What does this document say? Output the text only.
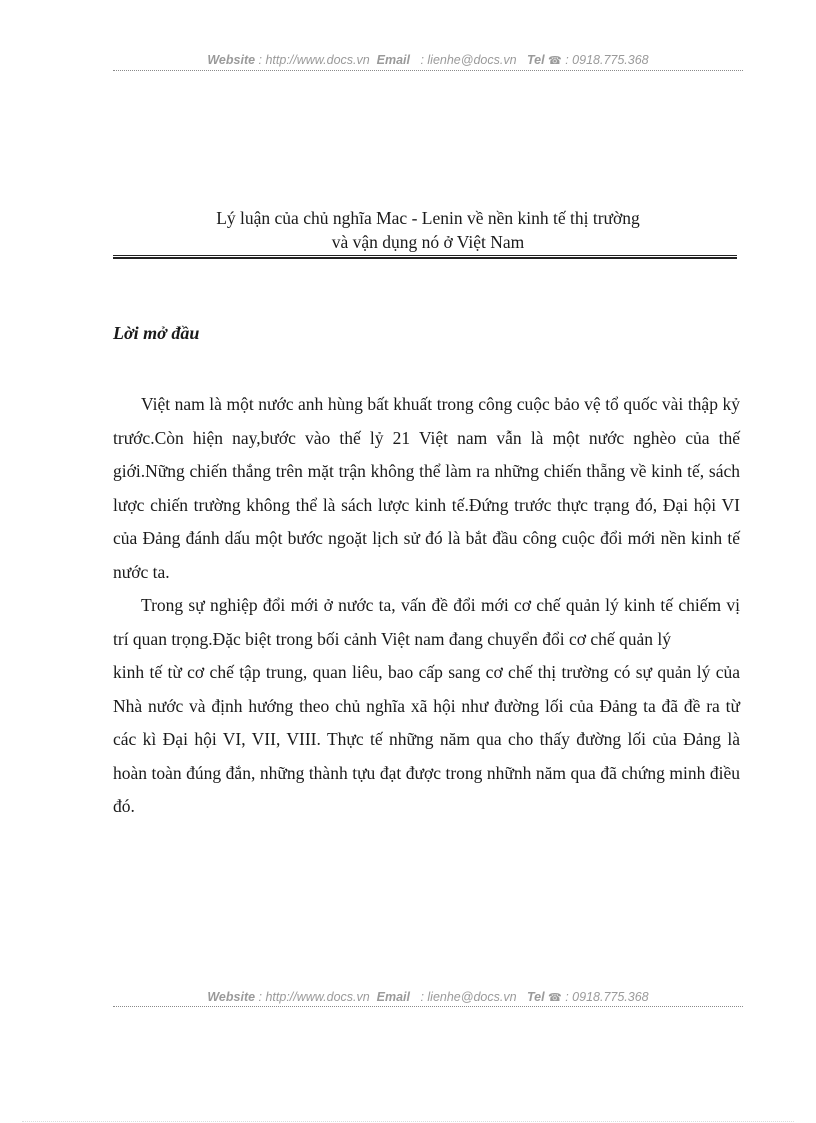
Website : http://www.docs.vn Email   : lienhe@docs.vn Tel ☎ : 0918.775.368
Lý luận của chủ nghĩa Mac - Lenin về nền kinh tế thị trường
và vận dụng nó ở Việt Nam
Lời mở đầu

Việt nam là một nước anh hùng bất khuất trong công cuộc bảo vệ tổ quốc vài thập kỷ trước.Còn hiện nay,bước vào thế lỷ 21 Việt nam vẫn là một nước nghèo của thế giới.Nững chiến thắng trên mặt trận không thể làm ra những chiến thẵng về kinh tế, sách lược chiến trường không thể là sách lược kinh tế.Đứng trước thực trạng đó, Đại hội VI của Đảng đánh dấu một bước ngoặt lịch sử đó là bắt đầu công cuộc đổi mới nền kinh tế nước ta.

Trong sự nghiệp đổi mới ở nước ta, vấn đề đổi mới cơ chế quản lý kinh tế chiếm vị trí quan trọng.Đặc biệt trong bối cảnh Việt nam đang chuyển đổi cơ chế quản lý

kinh tế từ cơ chế tập trung, quan liêu, bao cấp sang cơ chế thị trường có sự quản lý của Nhà nước và định hướng theo chủ nghĩa xã hội như đường lối của Đảng ta đã đề ra từ các kì Đại hội VI, VII, VIII. Thực tế những năm qua cho thấy đường lối của Đảng là hoàn toàn đúng đắn, những thành tựu đạt được trong nhữnh năm qua đã chứng minh điều đó.

Website : http://www.docs.vn Email   : lienhe@docs.vn Tel ☎ : 0918.775.368
